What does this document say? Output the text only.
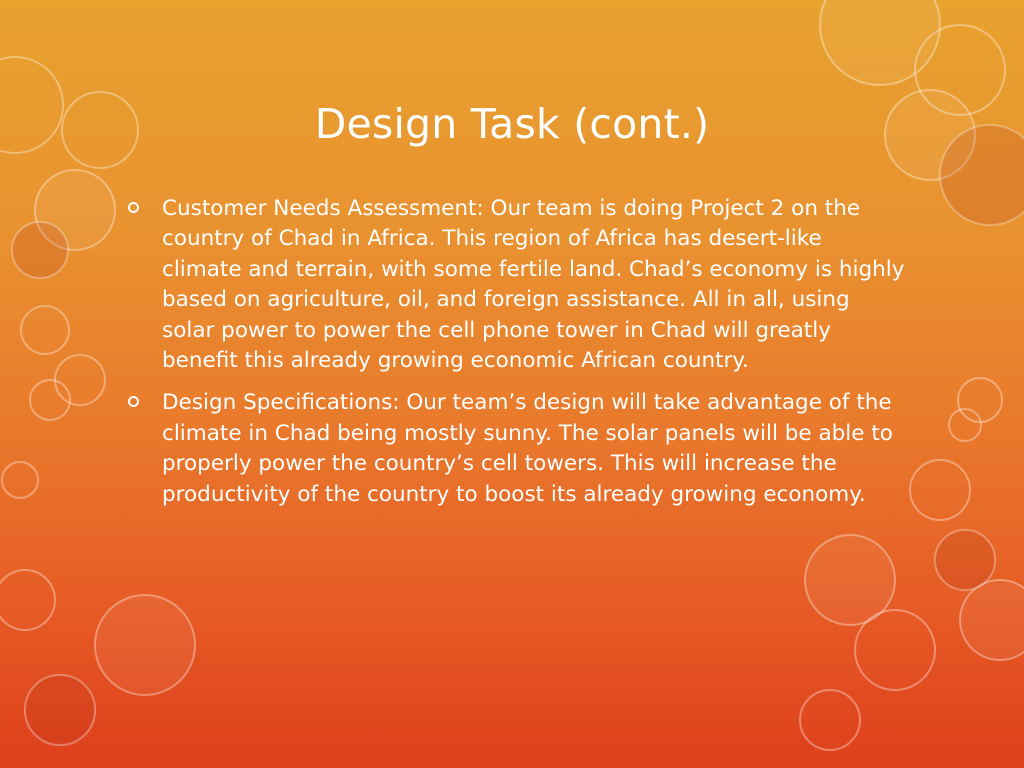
Design Task (cont.)
Customer Needs Assessment: Our team is doing Project 2 on the country of Chad in Africa. This region of Africa has desert-like climate and terrain, with some fertile land. Chad’s economy is highly based on agriculture, oil, and foreign assistance. All in all, using solar power to power the cell phone tower in Chad will greatly benefit this already growing economic African country.
Design Specifications: Our team’s design will take advantage of the climate in Chad being mostly sunny. The solar panels will be able to properly power the country’s cell towers. This will increase the productivity of the country to boost its already growing economy.
